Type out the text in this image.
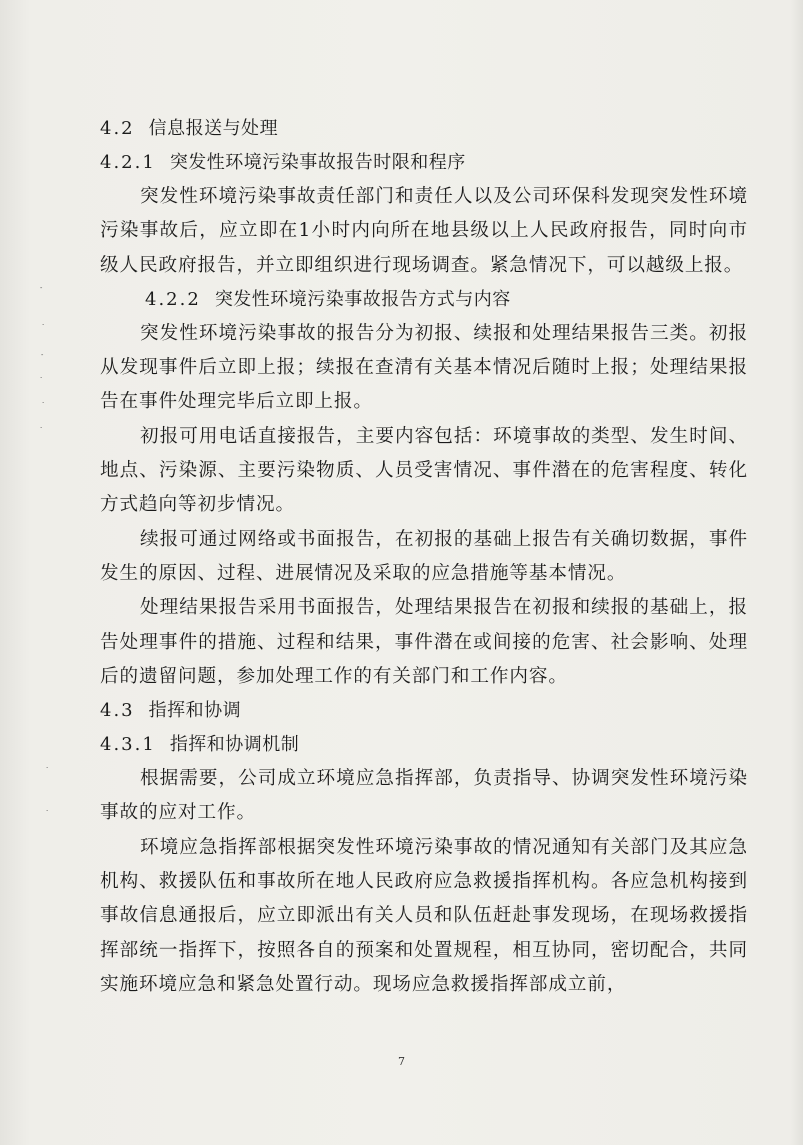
-
·
-
·
·
·
·
·
4.2 信息报送与处理
4.2.1 突发性环境污染事故报告时限和程序

突发性环境污染事故责任部门和责任人以及公司环保科发现突发性环境污染事故后，应立即在1小时内向所在地县级以上人民政府报告，同时向市级人民政府报告，并立即组织进行现场调查。紧急情况下，可以越级上报。

4.2.2 突发性环境污染事故报告方式与内容

突发性环境污染事故的报告分为初报、续报和处理结果报告三类。初报从发现事件后立即上报；续报在查清有关基本情况后随时上报；处理结果报告在事件处理完毕后立即上报。

初报可用电话直接报告，主要内容包括：环境事故的类型、发生时间、地点、污染源、主要污染物质、人员受害情况、事件潜在的危害程度、转化方式趋向等初步情况。

续报可通过网络或书面报告，在初报的基础上报告有关确切数据，事件发生的原因、过程、进展情况及采取的应急措施等基本情况。

处理结果报告采用书面报告，处理结果报告在初报和续报的基础上，报告处理事件的措施、过程和结果，事件潜在或间接的危害、社会影响、处理后的遗留问题，参加处理工作的有关部门和工作内容。

4.3 指挥和协调
4.3.1 指挥和协调机制

根据需要，公司成立环境应急指挥部，负责指导、协调突发性环境污染事故的应对工作。

环境应急指挥部根据突发性环境污染事故的情况通知有关部门及其应急机构、救援队伍和事故所在地人民政府应急救援指挥机构。各应急机构接到事故信息通报后，应立即派出有关人员和队伍赶赴事发现场，在现场救援指挥部统一指挥下，按照各自的预案和处置规程，相互协同，密切配合，共同实施环境应急和紧急处置行动。现场应急救援指挥部成立前，

7
